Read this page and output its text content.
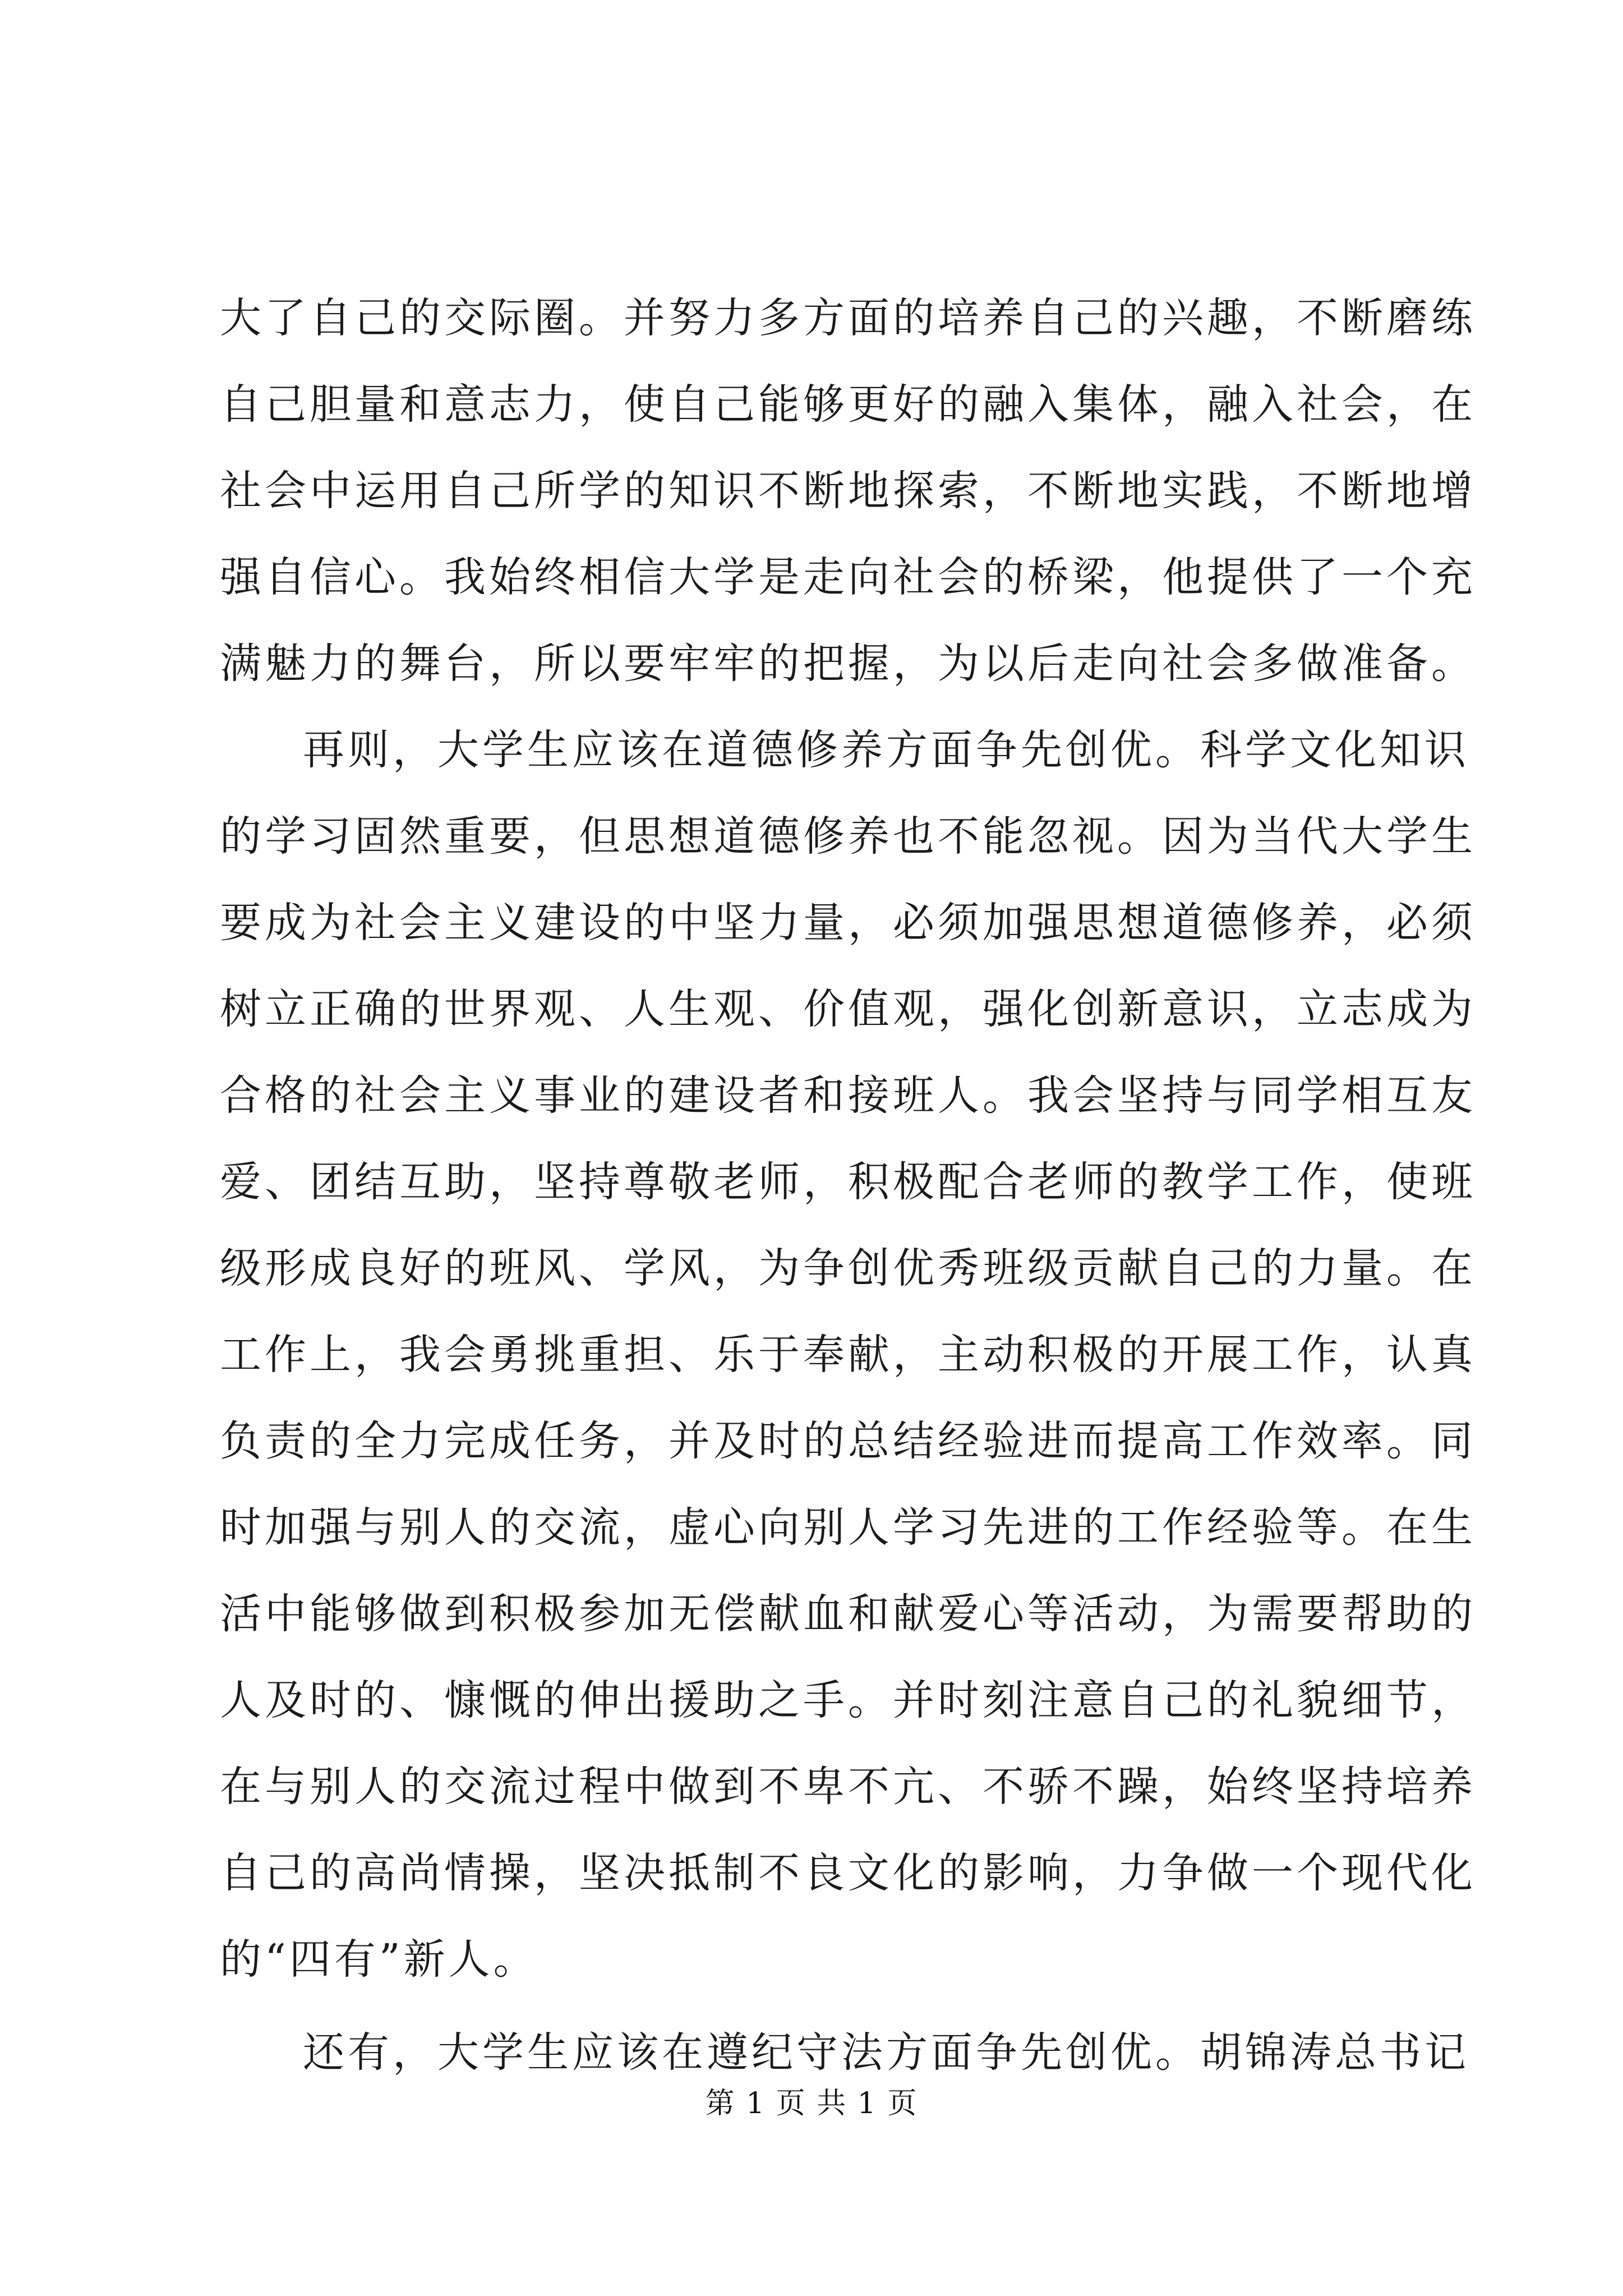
大了自己的交际圈。并努力多方面的培养自己的兴趣，不断磨练
自己胆量和意志力，使自己能够更好的融入集体，融入社会，在
社会中运用自己所学的知识不断地探索，不断地实践，不断地增
强自信心。我始终相信大学是走向社会的桥梁，他提供了一个充
满魅力的舞台，所以要牢牢的把握，为以后走向社会多做准备。
再则，大学生应该在道德修养方面争先创优。科学文化知识
的学习固然重要，但思想道德修养也不能忽视。因为当代大学生
要成为社会主义建设的中坚力量，必须加强思想道德修养，必须
树立正确的世界观、人生观、价值观，强化创新意识，立志成为
合格的社会主义事业的建设者和接班人。我会坚持与同学相互友
爱、团结互助，坚持尊敬老师，积极配合老师的教学工作，使班
级形成良好的班风、学风，为争创优秀班级贡献自己的力量。在
工作上，我会勇挑重担、乐于奉献，主动积极的开展工作，认真
负责的全力完成任务，并及时的总结经验进而提高工作效率。同
时加强与别人的交流，虚心向别人学习先进的工作经验等。在生
活中能够做到积极参加无偿献血和献爱心等活动，为需要帮助的
人及时的、慷慨的伸出援助之手。并时刻注意自己的礼貌细节，
在与别人的交流过程中做到不卑不亢、不骄不躁，始终坚持培养
自己的高尚情操，坚决抵制不良文化的影响，力争做一个现代化
的“四有”新人。
还有，大学生应该在遵纪守法方面争先创优。胡锦涛总书记
第 1 页 共 1 页
